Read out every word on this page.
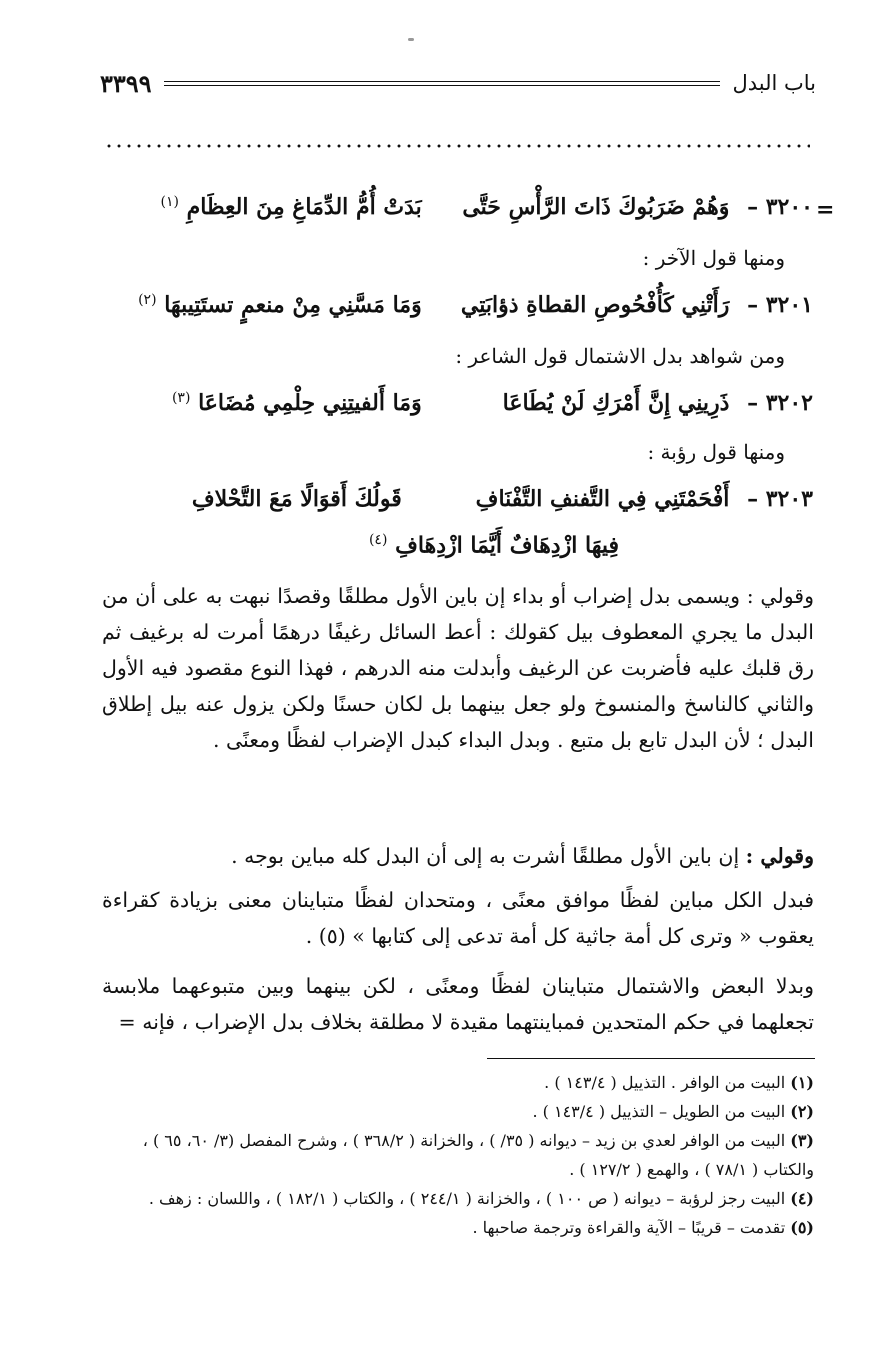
باب البدل
٣٣٩٩
=
٣٢٠٠ – وَهُمْ ضَرَبُوكَ ذَاتَ الرَّأْسِ حَتَّى بَدَتْ أُمُّ الدِّمَاغِ مِنَ العِظَامِ $^{(١)}$
ومنها قول الآخر :
٣٢٠١ – رَأَتْنِي كَأُفْحُوصِ القطاةِ ذؤابَتِي وَمَا مَسَّنِي مِنْ منعمٍ تستَتِيبهَا $^{(٢)}$
ومن شواهد بدل الاشتمال قول الشاعر :
٣٢٠٢ – ذَرِينِي إِنَّ أَمْرَكِ لَنْ يُطَاعَا وَمَا أَلفيتِنِي حِلْمِي مُضَاعَا $^{(٣)}$
ومنها قول رؤبة :
٣٢٠٣ – أَفْحَمْتَنِي فِي التَّفنفِ التَّفْنَافِ قَولُكَ أَقوَالًا مَعَ التَّحْلافِ
فِيهَا ازْدِهَافٌ أَيَّمَا ازْدِهَافِ $^{(٤)}$
وقولي : ويسمى بدل إضراب أو بداء إن باين الأول مطلقًا وقصدًا نبهت به على أن من البدل ما يجري المعطوف بيل كقولك : أعط السائل رغيفًا درهمًا أمرت له برغيف ثم رق قلبك عليه فأضربت عن الرغيف وأبدلت منه الدرهم ، فهذا النوع مقصود فيه الأول والثاني كالناسخ والمنسوخ ولو جعل بينهما بل لكان حسنًا ولكن يزول عنه بيل إطلاق البدل ؛ لأن البدل تابع بل متبع . وبدل البداء كبدل الإضراب لفظًا ومعنًى .
وقولي : إن باين الأول مطلقًا أشرت به إلى أن البدل كله مباين بوجه .
فبدل الكل مباين لفظًا موافق معنًى ، ومتحدان لفظًا متباينان معنى بزيادة كقراءة يعقوب « وترى كل أمة جاثية كل أمة تدعى إلى كتابها » (٥) .
وبدلا البعض والاشتمال متباينان لفظًا ومعنًى ، لكن بينهما وبين متبوعهما ملابسة تجعلهما في حكم المتحدين فمباينتهما مقيدة لا مطلقة بخلاف بدل الإضراب ، فإنه =

(١) البيت من الوافر . التذييل ( ١٤٣/٤ ) .

(٢) البيت من الطويل – التذييل ( ١٤٣/٤ ) .

(٣) البيت من الوافر لعدي بن زيد – ديوانه ( ٣٥/ ) ، والخزانة ( ٣٦٨/٢ ) ، وشرح المفصل (٣/ ٦٠، ٦٥ ) ، والكتاب ( ٧٨/١ ) ، والهمع ( ١٢٧/٢ ) .

(٤) البيت رجز لرؤبة – ديوانه ( ص ١٠٠ ) ، والخزانة ( ٢٤٤/١ ) ، والكتاب ( ١٨٢/١ ) ، واللسان : زهف .

(٥) تقدمت – قريبًا – الآية والقراءة وترجمة صاحبها .
